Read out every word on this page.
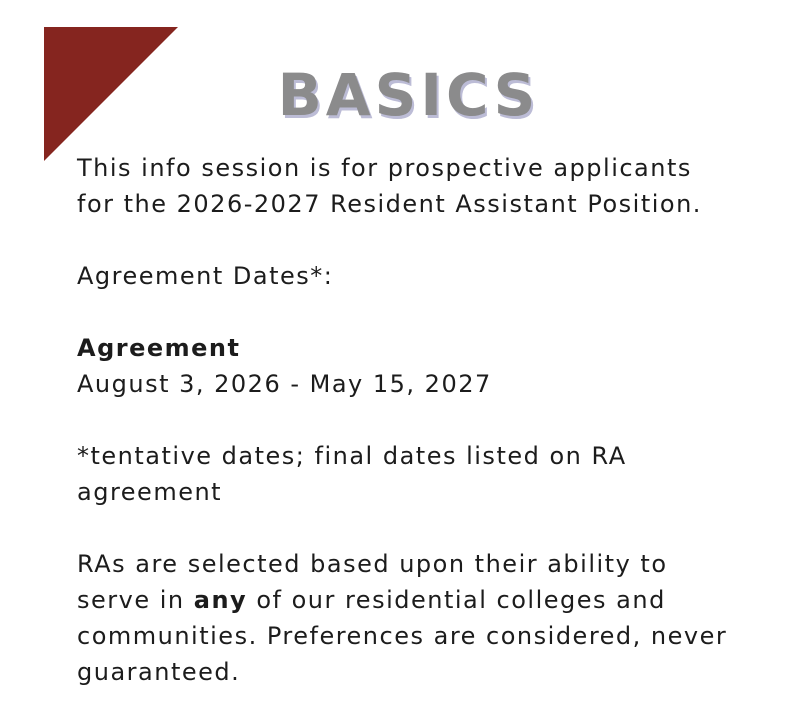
BASICS

This info session is for prospective applicants

for the 2026-2027 Resident Assistant Position.

Agreement Dates*:

Agreement

August 3, 2026 - May 15, 2027

*tentative dates; final dates listed on RA

agreement

RAs are selected based upon their ability to

serve in any of our residential colleges and

communities. Preferences are considered, never

guaranteed.
